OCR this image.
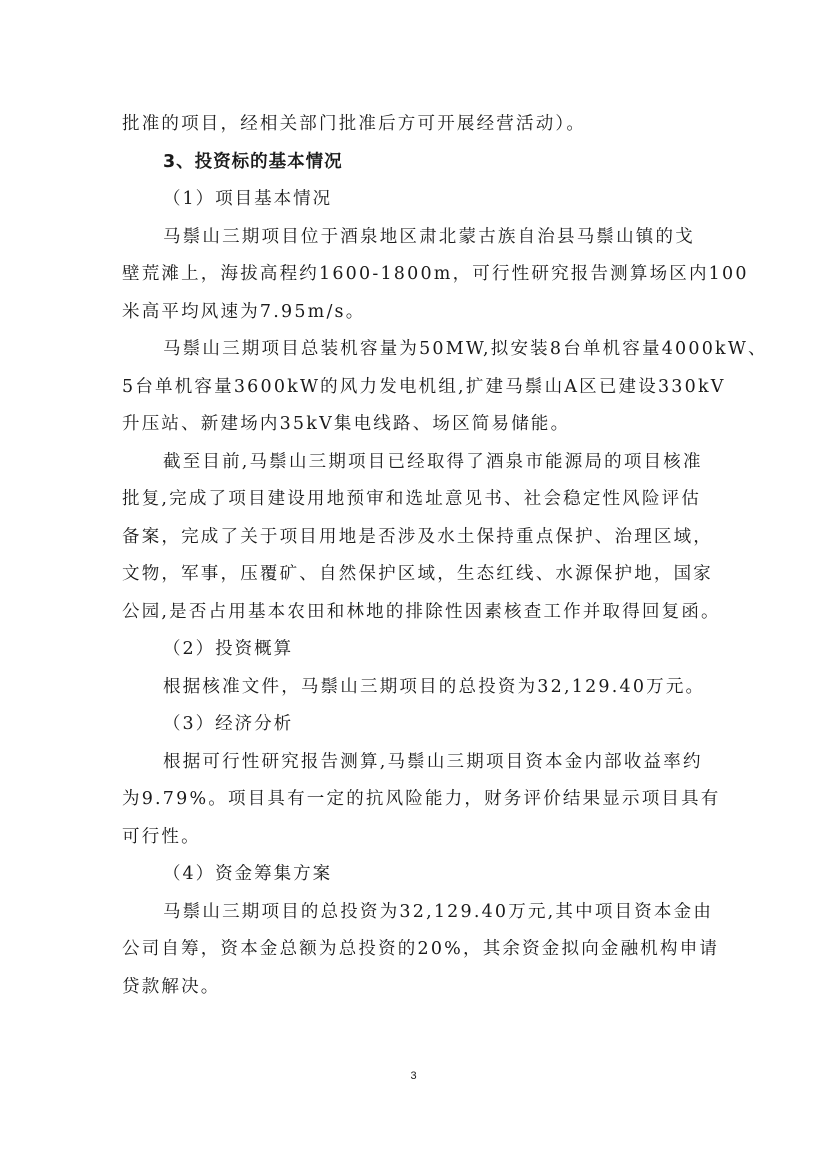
批准的项目，经相关部门批准后方可开展经营活动）。
3、投资标的基本情况
（1）项目基本情况
马鬃山三期项目位于酒泉地区肃北蒙古族自治县马鬃山镇的戈
壁荒滩上，海拔高程约1600-1800m，可行性研究报告测算场区内100
米高平均风速为7.95m/s。
马鬃山三期项目总装机容量为50MW,拟安装8台单机容量4000kW、
5台单机容量3600kW的风力发电机组,扩建马鬃山A区已建设330kV
升压站、新建场内35kV集电线路、场区简易储能。
截至目前,马鬃山三期项目已经取得了酒泉市能源局的项目核准
批复,完成了项目建设用地预审和选址意见书、社会稳定性风险评估
备案，完成了关于项目用地是否涉及水土保持重点保护、治理区域，
文物，军事，压覆矿、自然保护区域，生态红线、水源保护地，国家
公园,是否占用基本农田和林地的排除性因素核查工作并取得回复函。
（2）投资概算
根据核准文件，马鬃山三期项目的总投资为32,129.40万元。
（3）经济分析
根据可行性研究报告测算,马鬃山三期项目资本金内部收益率约
为9.79%。项目具有一定的抗风险能力，财务评价结果显示项目具有
可行性。
（4）资金筹集方案
马鬃山三期项目的总投资为32,129.40万元,其中项目资本金由
公司自筹，资本金总额为总投资的20%，其余资金拟向金融机构申请
贷款解决。
3
